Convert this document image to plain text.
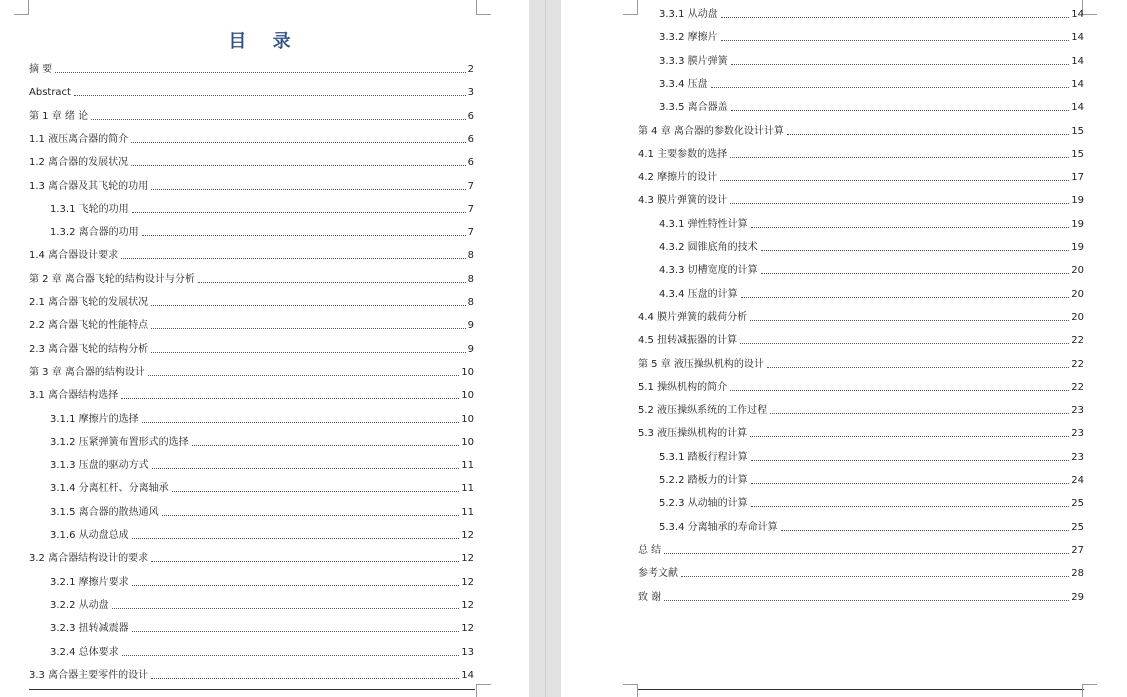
目 录
摘 要	2
Abstract	3
第 1 章 绪 论	6
1.1 液压离合器的简介	6
1.2 离合器的发展状况	6
1.3 离合器及其飞轮的功用	7
1.3.1 飞轮的功用	7
1.3.2 离合器的功用	7
1.4 离合器设计要求	8
第 2 章 离合器飞轮的结构设计与分析	8
2.1 离合器飞轮的发展状况	8
2.2 离合器飞轮的性能特点	9
2.3 离合器飞轮的结构分析	9
第 3 章 离合器的结构设计	10
3.1 离合器结构选择	10
3.1.1 摩擦片的选择	10
3.1.2 压紧弹簧布置形式的选择	10
3.1.3 压盘的驱动方式	11
3.1.4 分离杠杆、分离轴承	11
3.1.5 离合器的散热通风	11
3.1.6 从动盘总成	12
3.2 离合器结构设计的要求	12
3.2.1 摩擦片要求	12
3.2.2 从动盘	12
3.2.3 扭转减震器	12
3.2.4 总体要求	13
3.3 离合器主要零件的设计	14
3.3.1 从动盘	14
3.3.2 摩擦片	14
3.3.3 膜片弹簧	14
3.3.4 压盘	14
3.3.5 离合器盖	14
第 4 章 离合器的参数化设计计算	15
4.1 主要参数的选择	15
4.2 摩擦片的设计	17
4.3 膜片弹簧的设计	19
4.3.1 弹性特性计算	19
4.3.2 圆锥底角的技术	19
4.3.3 切槽宽度的计算	20
4.3.4 压盘的计算	20
4.4 膜片弹簧的载荷分析	20
4.5 扭转减振器的计算	22
第 5 章 液压操纵机构的设计	22
5.1 操纵机构的简介	22
5.2 液压操纵系统的工作过程	23
5.3 液压操纵机构的计算	23
5.3.1 踏板行程计算	23
5.2.2 踏板力的计算	24
5.2.3 从动轴的计算	25
5.3.4 分离轴承的寿命计算	25
总 结	27
参考文献	28
致 谢	29
